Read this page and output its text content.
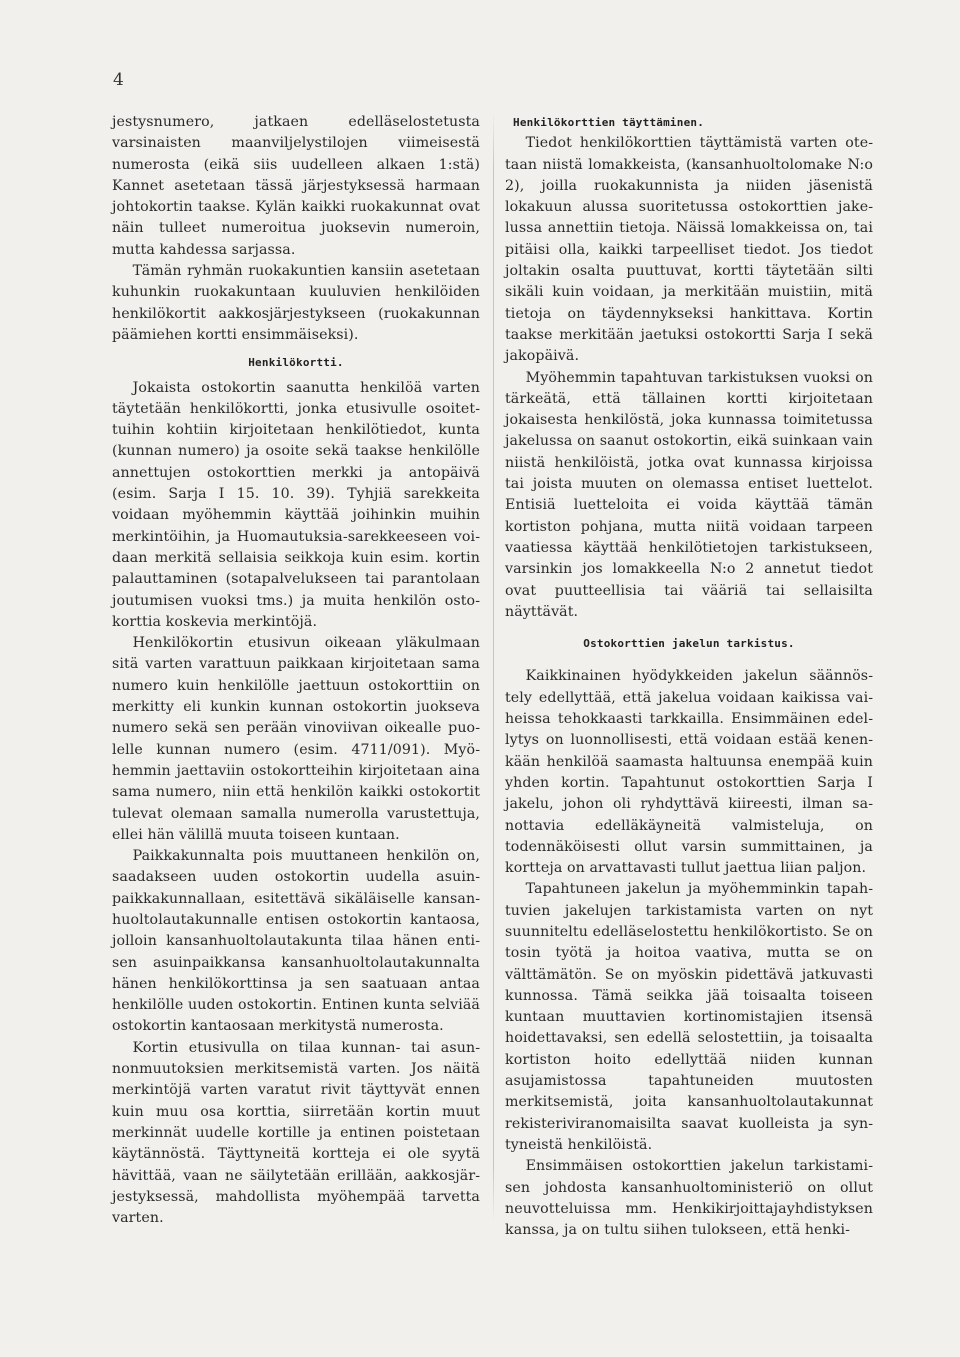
4

jestysnumero, jatkaen edelläselostetusta varsinaisten maanviljelystilojen viimeisestä numerosta (eikä siis uudelleen alkaen 1:stä) Kannet asetetaan tässä järjestyksessä harmaan johtokortin taakse. Kylän kaikki ruokakunnat ovat näin tulleet numeroitua juoksevin numeroin, mutta kahdessa sarjassa.

Tämän ryhmän ruokakuntien kansiin asetetaan kuhunkin ruokakuntaan kuuluvien henkilöiden henkilökortit aakkosjärjestykseen (ruokakunnan päämiehen kortti ensimmäiseksi).

Henkilökortti.

Jokaista ostokortin saanutta henkilöä varten täytetään henkilökortti, jonka etusivulle osoitettuihin kohtiin kirjoitetaan henkilötiedot, kunta (kunnan numero) ja osoite sekä taakse henkilölle annettujen ostokorttien merkki ja antopäivä (esim. Sarja I 15. 10. 39). Tyhjiä sarekkeita voidaan myöhemmin käyttää joihinkin muihin merkintöihin, ja Huomautuksia-sarekkeeseen voidaan merkitä sellaisia seikkoja kuin esim. kortin palauttaminen (sotapalvelukseen tai parantolaan joutumisen vuoksi tms.) ja muita henkilön ostokorttia koskevia merkintöjä.

Henkilökortin etusivun oikeaan yläkulmaan sitä varten varattuun paikkaan kirjoitetaan sama numero kuin henkilölle jaettuun ostokorttiin on merkitty eli kunkin kunnan ostokortin juokseva numero sekä sen perään vinoviivan oikealle puolelle kunnan numero (esim. 4711/091). Myöhemmin jaettaviin ostokortteihin kirjoitetaan aina sama numero, niin että henkilön kaikki ostokortit tulevat olemaan samalla numerolla varustettuja, ellei hän välillä muuta toiseen kuntaan.

Paikkakunnalta pois muuttaneen henkilön on, saadakseen uuden ostokortin uudella asuinpaikkakunnallaan, esitettävä sikäläiselle kansanhuoltolautakunnalle entisen ostokortin kantaosa, jolloin kansanhuoltolautakunta tilaa hänen entisen asuinpaikkansa kansanhuoltolautakunnalta hänen henkilökorttinsa ja sen saatuaan antaa henkilölle uuden ostokortin. Entinen kunta selviää ostokortin kantaosaan merkitystä numerosta.

Kortin etusivulla on tilaa kunnan- tai asunnonmuutoksien merkitsemistä varten. Jos näitä merkintöjä varten varatut rivit täyttyvät ennen kuin muu osa korttia, siirretään kortin muut merkinnät uudelle kortille ja entinen poistetaan käytännöstä. Täyttyneitä kortteja ei ole syytä hävittää, vaan ne säilytetään erillään, aakkosjärjestyksessä, mahdollista myöhempää tarvetta varten.

Henkilökorttien täyttäminen.

Tiedot henkilökorttien täyttämistä varten otetaan niistä lomakkeista, (kansanhuoltolomake N:o 2), joilla ruokakunnista ja niiden jäsenistä lokakuun alussa suoritetussa ostokorttien jakelussa annettiin tietoja. Näissä lomakkeissa on, tai pitäisi olla, kaikki tarpeelliset tiedot. Jos tiedot joltakin osalta puuttuvat, kortti täytetään silti sikäli kuin voidaan, ja merkitään muistiin, mitä tietoja on täydennykseksi hankittava. Kortin taakse merkitään jaetuksi ostokortti Sarja I sekä jakopäivä.

Myöhemmin tapahtuvan tarkistuksen vuoksi on tärkeätä, että tällainen kortti kirjoitetaan jokaisesta henkilöstä, joka kunnassa toimitetussa jakelussa on saanut ostokortin, eikä suinkaan vain niistä henkilöistä, jotka ovat kunnassa kirjoissa tai joista muuten on olemassa entiset luettelot. Entisiä luetteloita ei voida käyttää tämän kortiston pohjana, mutta niitä voidaan tarpeen vaatiessa käyttää henkilötietojen tarkistukseen, varsinkin jos lomakkeella N:o 2 annetut tiedot ovat puutteellisia tai vääriä tai sellaisilta näyttävät.

Ostokorttien jakelun tarkistus.

Kaikkinainen hyödykkeiden jakelun säännöstely edellyttää, että jakelua voidaan kaikissa vaiheissa tehokkaasti tarkkailla. Ensimmäinen edellytys on luonnollisesti, että voidaan estää kenenkään henkilöä saamasta haltuunsa enempää kuin yhden kortin. Tapahtunut ostokorttien Sarja I jakelu, johon oli ryhdyttävä kiireesti, ilman sanottavia edelläkäyneitä valmisteluja, on todennäköisesti ollut varsin summittainen, ja kortteja on arvattavasti tullut jaettua liian paljon.

Tapahtuneen jakelun ja myöhemminkin tapahtuvien jakelujen tarkistamista varten on nyt suunniteltu edelläselostettu henkilökortisto. Se on tosin työtä ja hoitoa vaativa, mutta se on välttämätön. Se on myöskin pidettävä jatkuvasti kunnossa. Tämä seikka jää toisaalta toiseen kuntaan muuttavien kortinomistajien itsensä hoidettavaksi, sen edellä selostettiin, ja toisaalta kortiston hoito edellyttää niiden kunnan asujamistossa tapahtuneiden muutosten merkitsemistä, joita kansanhuoltolautakunnat rekisteriviranomaisilta saavat kuolleista ja syntyneistä henkilöistä.

Ensimmäisen ostokorttien jakelun tarkistamisen johdosta kansanhuoltoministeriö on ollut neuvotteluissa mm. Henkikirjoittajayhdistyksen kanssa, ja on tultu siihen tulokseen, että henki-
